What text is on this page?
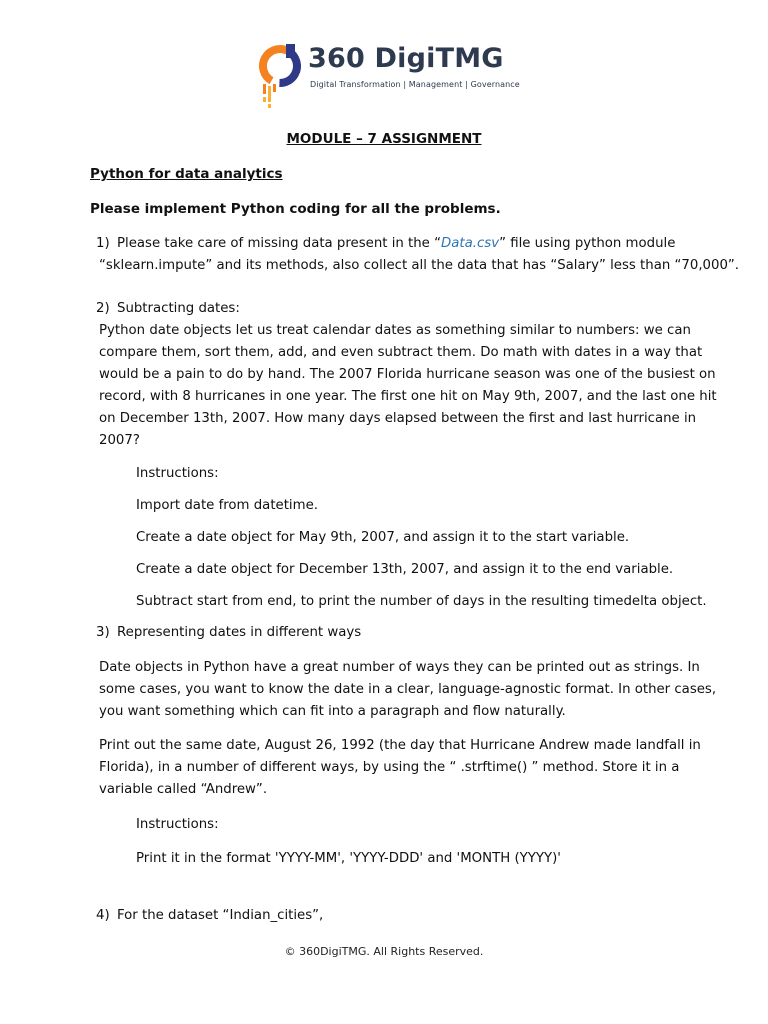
360 DigiTMG
Digital Transformation | Management | Governance
MODULE – 7 ASSIGNMENT
Python for data analytics
Please implement Python coding for all the problems.
1) Please take care of missing data present in the “Data.csv” file using python module
“sklearn.impute” and its methods, also collect all the data that has “Salary” less than “70,000”.
2) Subtracting dates:
Python date objects let us treat calendar dates as something similar to numbers: we can
compare them, sort them, add, and even subtract them. Do math with dates in a way that
would be a pain to do by hand. The 2007 Florida hurricane season was one of the busiest on
record, with 8 hurricanes in one year. The first one hit on May 9th, 2007, and the last one hit
on December 13th, 2007. How many days elapsed between the first and last hurricane in
2007?
Instructions:
Import date from datetime.
Create a date object for May 9th, 2007, and assign it to the start variable.
Create a date object for December 13th, 2007, and assign it to the end variable.
Subtract start from end, to print the number of days in the resulting timedelta object.
3) Representing dates in different ways
Date objects in Python have a great number of ways they can be printed out as strings. In
some cases, you want to know the date in a clear, language-agnostic format. In other cases,
you want something which can fit into a paragraph and flow naturally.
Print out the same date, August 26, 1992 (the day that Hurricane Andrew made landfall in
Florida), in a number of different ways, by using the “ .strftime() ” method. Store it in a
variable called “Andrew”.
Instructions:
Print it in the format 'YYYY-MM', 'YYYY-DDD' and 'MONTH (YYYY)'
4) For the dataset “Indian_cities”,
© 360DigiTMG. All Rights Reserved.
